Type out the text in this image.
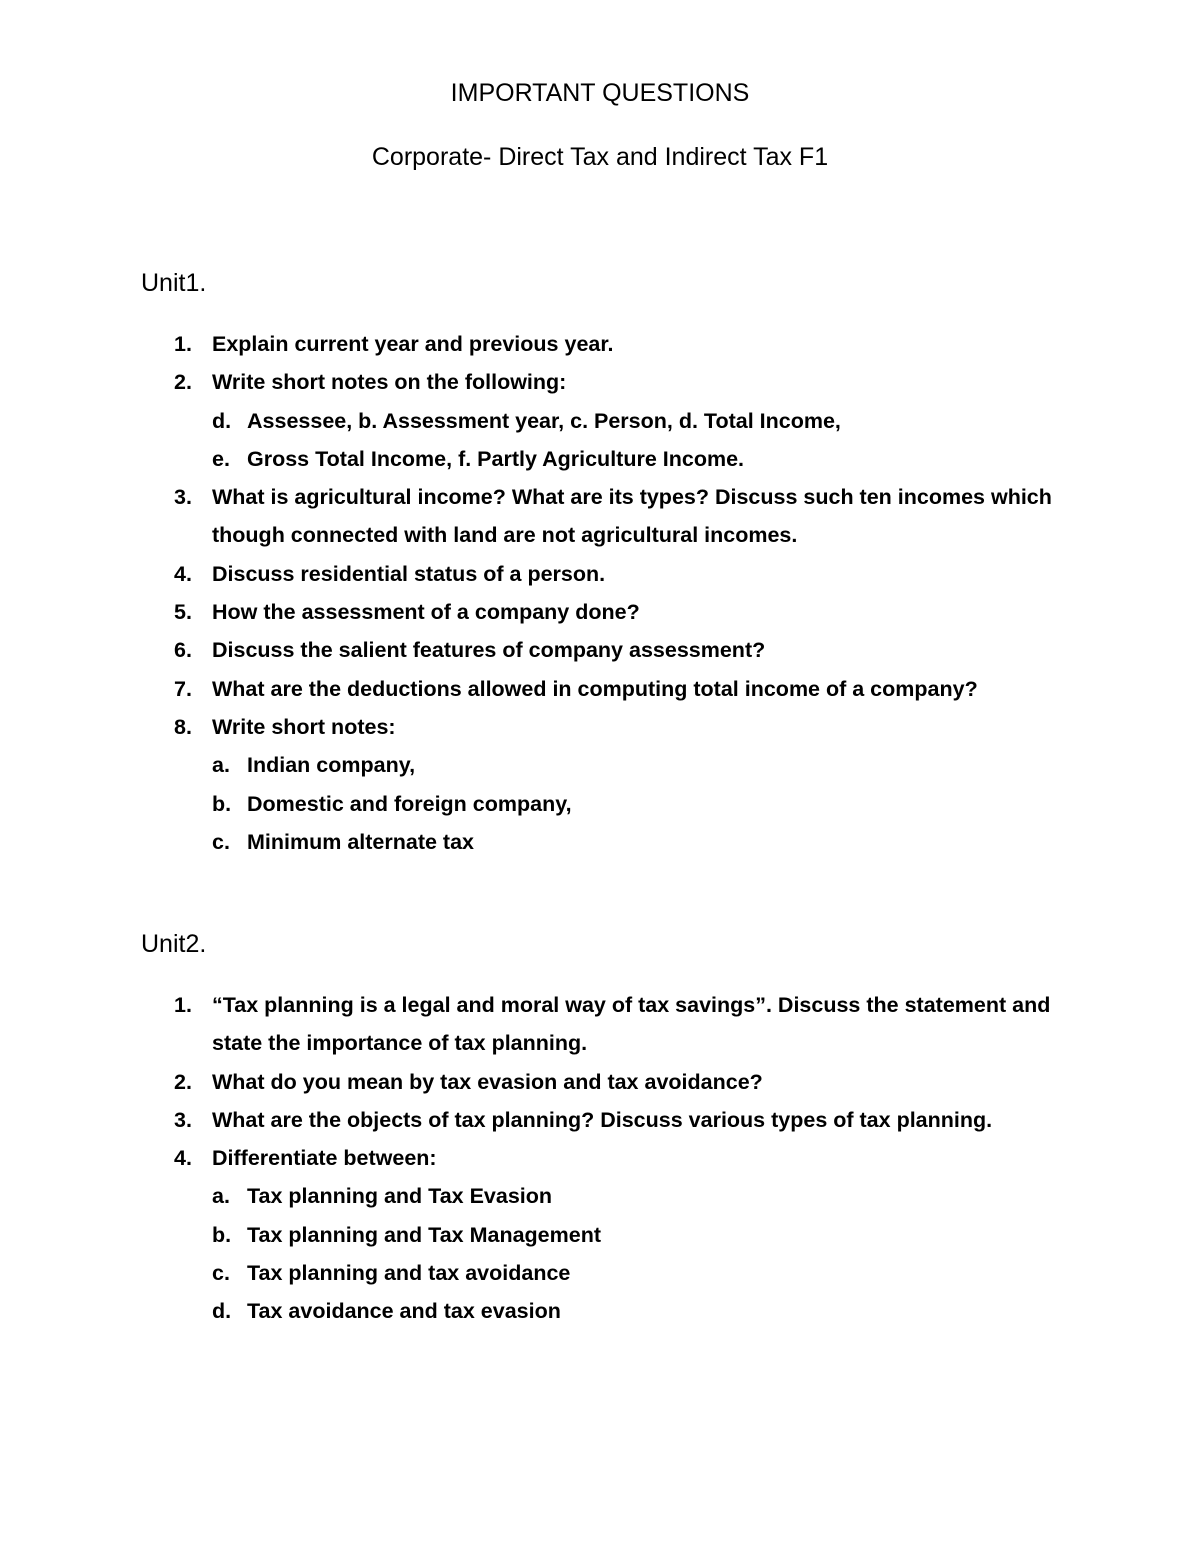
IMPORTANT QUESTIONS
Corporate- Direct Tax and Indirect Tax F1
Unit1.
1. Explain current year and previous year.
2. Write short notes on the following:
d. Assessee, b. Assessment year, c. Person, d. Total Income,
e. Gross Total Income, f. Partly Agriculture Income.
3. What is agricultural income? What are its types? Discuss such ten incomes which though connected with land are not agricultural incomes.
4. Discuss residential status of a person.
5. How the assessment of a company done?
6. Discuss the salient features of company assessment?
7. What are the deductions allowed in computing total income of a company?
8. Write short notes:
a. Indian company,
b. Domestic and foreign company,
c. Minimum alternate tax
Unit2.
1. “Tax planning is a legal and moral way of tax savings”. Discuss the statement and state the importance of tax planning.
2. What do you mean by tax evasion and tax avoidance?
3. What are the objects of tax planning? Discuss various types of tax planning.
4. Differentiate between:
a. Tax planning and Tax Evasion
b. Tax planning and Tax Management
c. Tax planning and tax avoidance
d. Tax avoidance and tax evasion
